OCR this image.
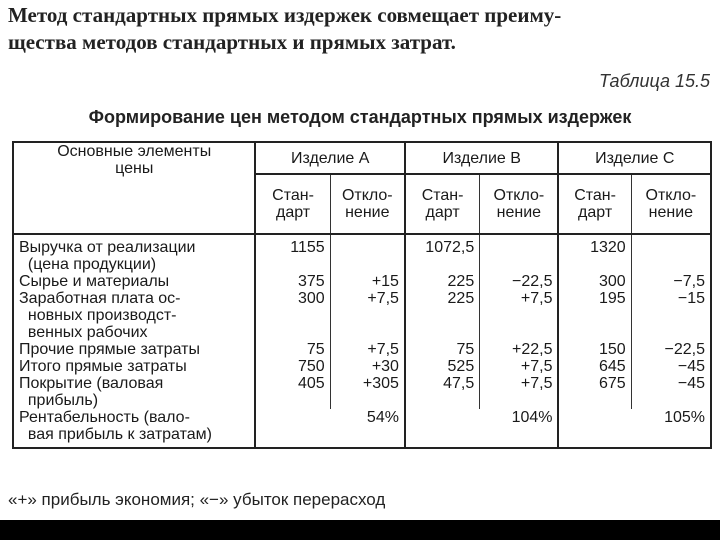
Метод стандартных прямых издержек совмещает преиму-
щества методов стандартных и прямых затрат.
Таблица 15.5
Формирование цен методом стандартных прямых издержек
Основные элементы
цены	Изделие A		Изделие B		Изделие C	
	Стан-
дарт	Откло-
нение	Стан-
дарт	Откло-
нение	Стан-
дарт	Откло-
нение
Выручка от реализации
(цена продукции)	1155		1072,5		1320	
Сырье и материалы	375	+15	225	−22,5	300	−7,5
Заработная плата ос-
новных производст-
венных рабочих	300	+7,5	225	+7,5	195	−15
Прочие прямые затраты	75	+7,5	75	+22,5	150	−22,5
Итого прямые затраты	750	+30	525	+7,5	645	−45
Покрытие (валовая
прибыль)	405	+305	47,5	+7,5	675	−45
Рентабельность (вало-
вая прибыль к затратам)	54%		104%		105%	
«+» прибыль экономия; «−» убыток перерасход
